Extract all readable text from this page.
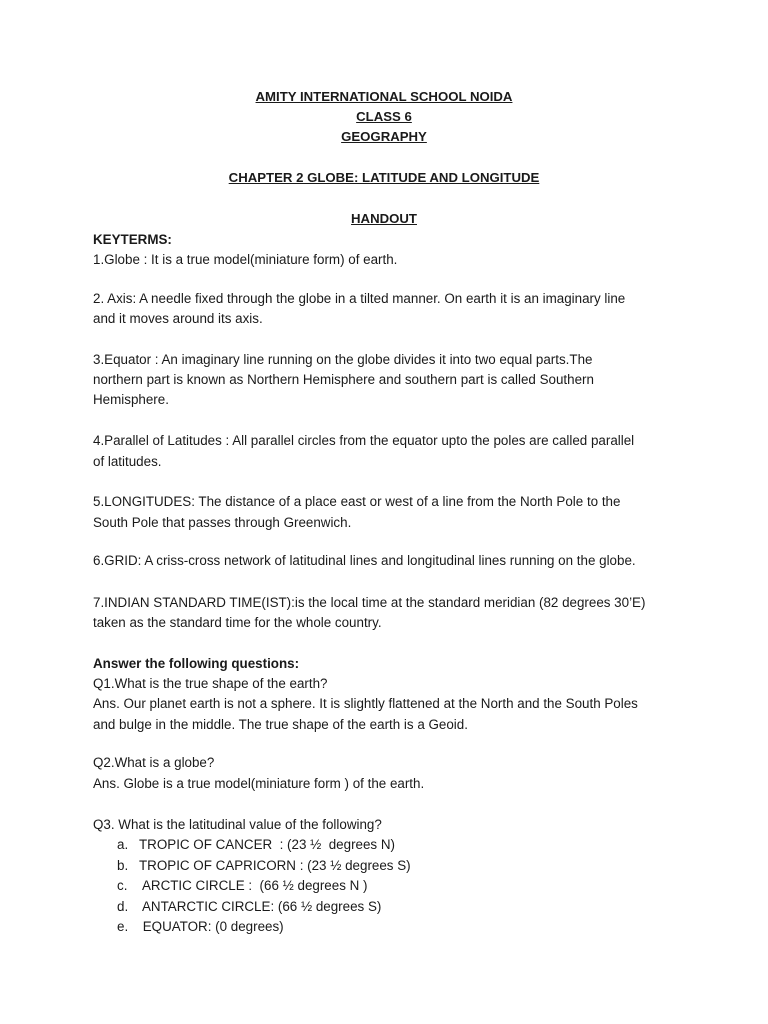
AMITY INTERNATIONAL SCHOOL NOIDA
CLASS 6
GEOGRAPHY
CHAPTER 2 GLOBE: LATITUDE AND LONGITUDE
HANDOUT
KEYTERMS:
1.Globe : It is a true model(miniature form) of earth.
2. Axis: A needle fixed through the globe in a tilted manner. On earth it is an imaginary line
and it moves around its axis.
3.Equator : An imaginary line running on the globe divides it into two equal parts.The
northern part is known as Northern Hemisphere and southern part is called Southern
Hemisphere.
4.Parallel of Latitudes : All parallel circles from the equator upto the poles are called parallel
of latitudes.
5.LONGITUDES: The distance of a place east or west of a line from the North Pole to the
South Pole that passes through Greenwich.
6.GRID: A criss-cross network of latitudinal lines and longitudinal lines running on the globe.
7.INDIAN STANDARD TIME(IST):is the local time at the standard meridian (82 degrees 30’E)
taken as the standard time for the whole country.
Answer the following questions:
Q1.What is the true shape of the earth?
Ans. Our planet earth is not a sphere. It is slightly flattened at the North and the South Poles
and bulge in the middle. The true shape of the earth is a Geoid.
Q2.What is a globe?
Ans. Globe is a true model(miniature form ) of the earth.
Q3. What is the latitudinal value of the following?
a. TROPIC OF CANCER  : (23 ½  degrees N)
b. TROPIC OF CAPRICORN : (23 ½ degrees S)
c. ARCTIC CIRCLE :  (66 ½ degrees N )
d. ANTARCTIC CIRCLE: (66 ½ degrees S)
e. EQUATOR: (0 degrees)
